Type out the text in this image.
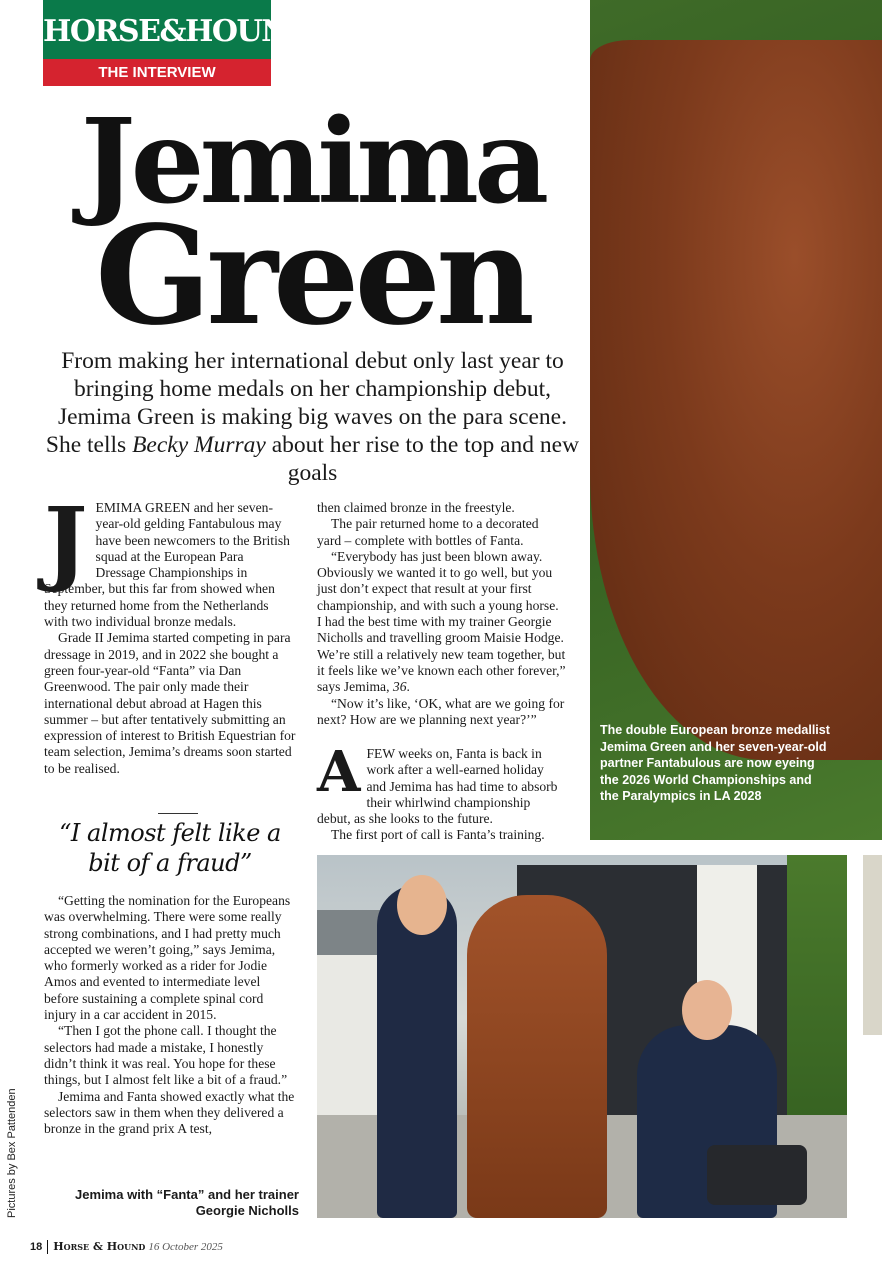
The double European bronze medallist Jemima Green and her seven-year-old partner Fantabulous are now eyeing the 2026 World Championships and the Paralympics in LA 2028
HORSE&HOUND
THE INTERVIEW
Jemima
Green
From making her international debut only last year to bringing home medals on her championship debut, Jemima Green is making big waves on the para scene. She tells Becky Murray about her rise to the top and new goals
J EMIMA GREEN and her seven-year-old gelding Fantabulous may have been newcomers to the British squad at the European Para Dressage Championships in September, but this far from showed when they returned home from the Netherlands with two individual bronze medals.

Grade II Jemima started competing in para dressage in 2019, and in 2022 she bought a green four-year-old “Fanta” via Dan Greenwood. The pair only made their international debut abroad at Hagen this summer – but after tentatively submitting an expression of interest to British Equestrian for team selection, Jemima’s dreams soon started to be realised.

“I almost felt like a bit of a fraud”

“Getting the nomination for the Europeans was overwhelming. There were some really strong combinations, and I had pretty much accepted we weren’t going,” says Jemima, who formerly worked as a rider for Jodie Amos and evented to intermediate level before sustaining a complete spinal cord injury in a car accident in 2015.

“Then I got the phone call. I thought the selectors had made a mistake, I honestly didn’t think it was real. You hope for these things, but I almost felt like a bit of a fraud.”

Jemima and Fanta showed exactly what the selectors saw in them when they delivered a bronze in the grand prix A test,

then claimed bronze in the freestyle.

The pair returned home to a decorated yard – complete with bottles of Fanta.

“Everybody has just been blown away. Obviously we wanted it to go well, but you just don’t expect that result at your first championship, and with such a young horse. I had the best time with my trainer Georgie Nicholls and travelling groom Maisie Hodge. We’re still a relatively new team together, but it feels like we’ve known each other forever,” says Jemima, 36.

“Now it’s like, ‘OK, what are we going for next? How are we planning next year?’”

A FEW weeks on, Fanta is back in work after a well-earned holiday and Jemima has had time to absorb their whirlwind championship debut, as she looks to the future.

The first port of call is Fanta’s training.

Jemima with “Fanta” and her trainer Georgie Nicholls
Pictures by Bex Pattenden
18 Horse & Hound 16 October 2025
